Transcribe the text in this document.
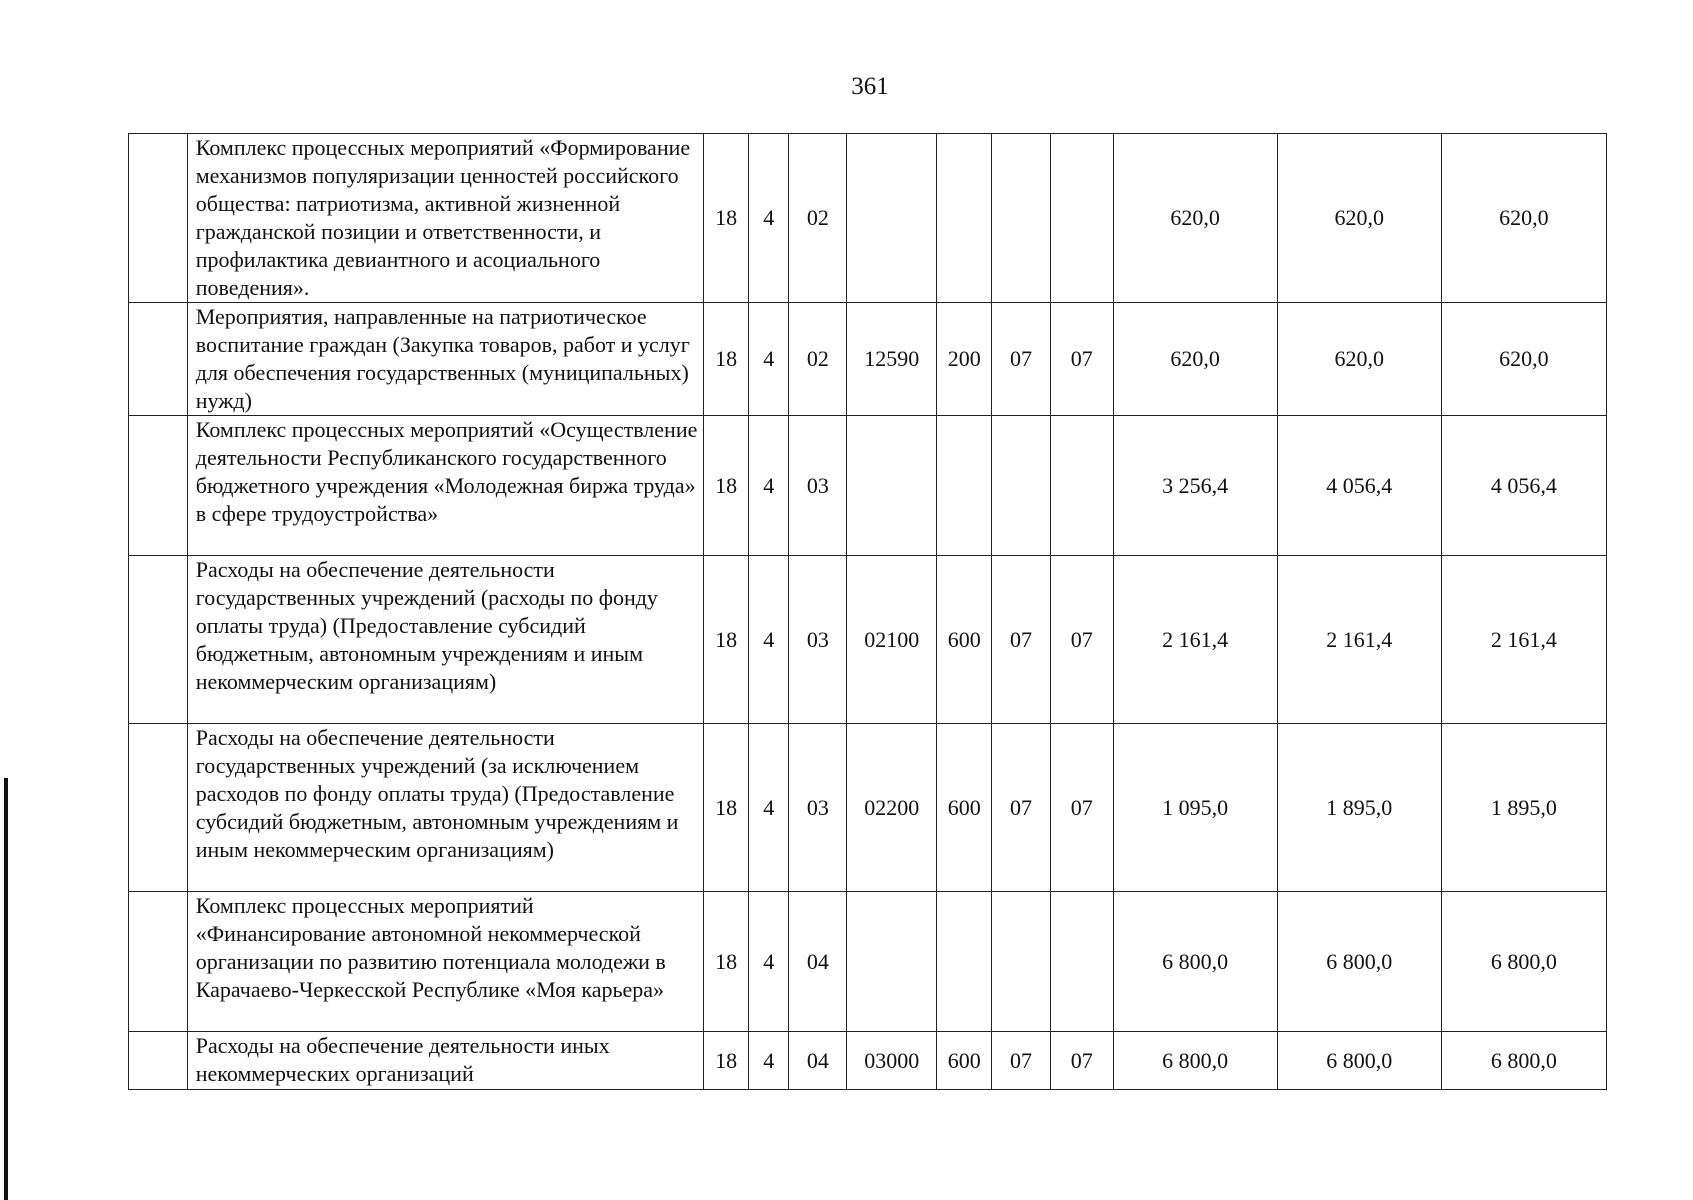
361
	Комплекс процессных мероприятий «Формирование механизмов популяризации ценностей российского общества: патриотизма, активной жизненной гражданской позиции и ответственности, и профилактика девиантного и асоциального поведения».	18	4	02					620,0	620,0	620,0
	Мероприятия, направленные на патриотическое воспитание граждан (Закупка товаров, работ и услуг для обеспечения государственных (муниципальных) нужд)	18	4	02	12590	200	07	07	620,0	620,0	620,0
	Комплекс процессных мероприятий «Осуществление деятельности Республиканского государственного бюджетного учреждения «Молодежная биржа труда» в сфере трудоустройства»	18	4	03					3 256,4	4 056,4	4 056,4
	Расходы на обеспечение деятельности государственных учреждений (расходы по фонду оплаты труда) (Предоставление субсидий бюджетным, автономным учреждениям и иным некоммерческим организациям)	18	4	03	02100	600	07	07	2 161,4	2 161,4	2 161,4
	Расходы на обеспечение деятельности государственных учреждений (за исключением расходов по фонду оплаты труда) (Предоставление субсидий бюджетным, автономным учреждениям и иным некоммерческим организациям)	18	4	03	02200	600	07	07	1 095,0	1 895,0	1 895,0
	Комплекс процессных мероприятий «Финансирование автономной некоммерческой организации по развитию потенциала молодежи в Карачаево-Черкесской Республике «Моя карьера»	18	4	04					6 800,0	6 800,0	6 800,0
	Расходы на обеспечение деятельности иных некоммерческих организаций	18	4	04	03000	600	07	07	6 800,0	6 800,0	6 800,0
